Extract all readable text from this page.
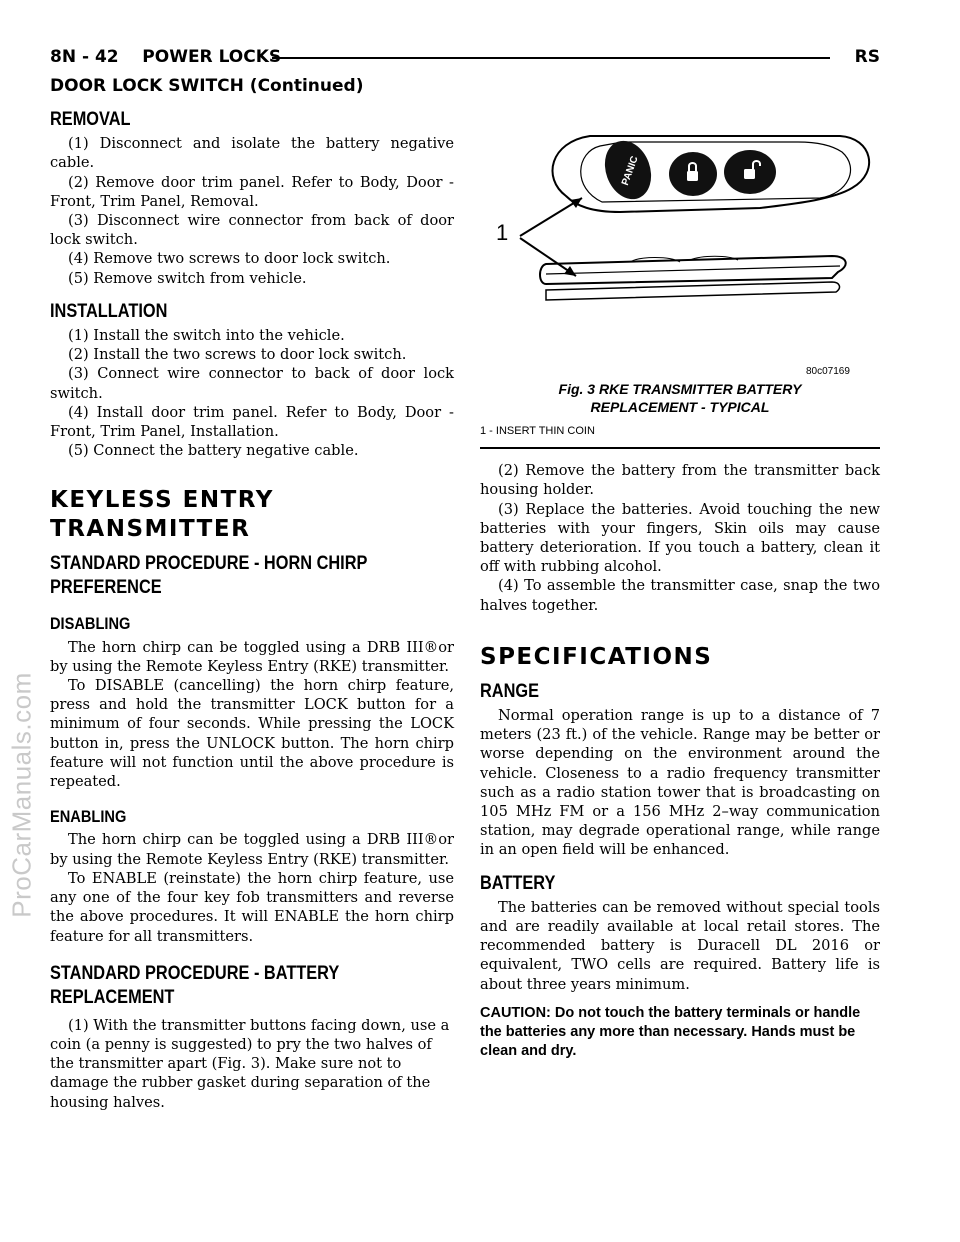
ProCarManuals.com
8N - 42    POWER LOCKS	RS
DOOR LOCK SWITCH (Continued)
REMOVAL

(1) Disconnect and isolate the battery negative cable.

(2) Remove door trim panel. Refer to Body, Door - Front, Trim Panel, Removal.

(3) Disconnect wire connector from back of door lock switch.

(4) Remove two screws to door lock switch.

(5) Remove switch from vehicle.

INSTALLATION

(1) Install the switch into the vehicle.

(2) Install the two screws to door lock switch.

(3) Connect wire connector to back of door lock switch.

(4) Install door trim panel. Refer to Body, Door - Front, Trim Panel, Installation.

(5) Connect the battery negative cable.

KEYLESS ENTRY
TRANSMITTER
STANDARD PROCEDURE - HORN CHIRP
PREFERENCE
DISABLING

The horn chirp can be toggled using a DRB III®or by using the Remote Keyless Entry (RKE) transmitter.

To DISABLE (cancelling) the horn chirp feature, press and hold the transmitter LOCK button for a minimum of four seconds. While pressing the LOCK button in, press the UNLOCK button. The horn chirp feature will not function until the above procedure is repeated.

ENABLING

The horn chirp can be toggled using a DRB III®or by using the Remote Keyless Entry (RKE) transmitter.

To ENABLE (reinstate) the horn chirp feature, use any one of the four key fob transmitters and reverse the above procedures. It will ENABLE the horn chirp feature for all transmitters.

STANDARD PROCEDURE - BATTERY
REPLACEMENT

(1) With the transmitter buttons facing down, use a coin (a penny is suggested) to pry the two halves of the transmitter apart (Fig. 3). Make sure not to damage the rubber gasket during separation of the housing halves.

PANIC
1
80c07169
Fig. 3 RKE TRANSMITTER BATTERY
REPLACEMENT - TYPICAL
1 - INSERT THIN COIN

(2) Remove the battery from the transmitter back housing holder.

(3) Replace the batteries. Avoid touching the new batteries with your fingers, Skin oils may cause battery deterioration. If you touch a battery, clean it off with rubbing alcohol.

(4) To assemble the transmitter case, snap the two halves together.

SPECIFICATIONS
RANGE

Normal operation range is up to a distance of 7 meters (23 ft.) of the vehicle. Range may be better or worse depending on the environment around the vehicle. Closeness to a radio frequency transmitter such as a radio station tower that is broadcasting on 105 MHz FM or a 156 MHz 2–way communication station, may degrade operational range, while range in an open field will be enhanced.

BATTERY

The batteries can be removed without special tools and are readily available at local retail stores. The recommended battery is Duracell DL 2016 or equivalent, TWO cells are required. Battery life is about three years minimum.

CAUTION: Do not touch the battery terminals or handle the batteries any more than necessary. Hands must be clean and dry.
